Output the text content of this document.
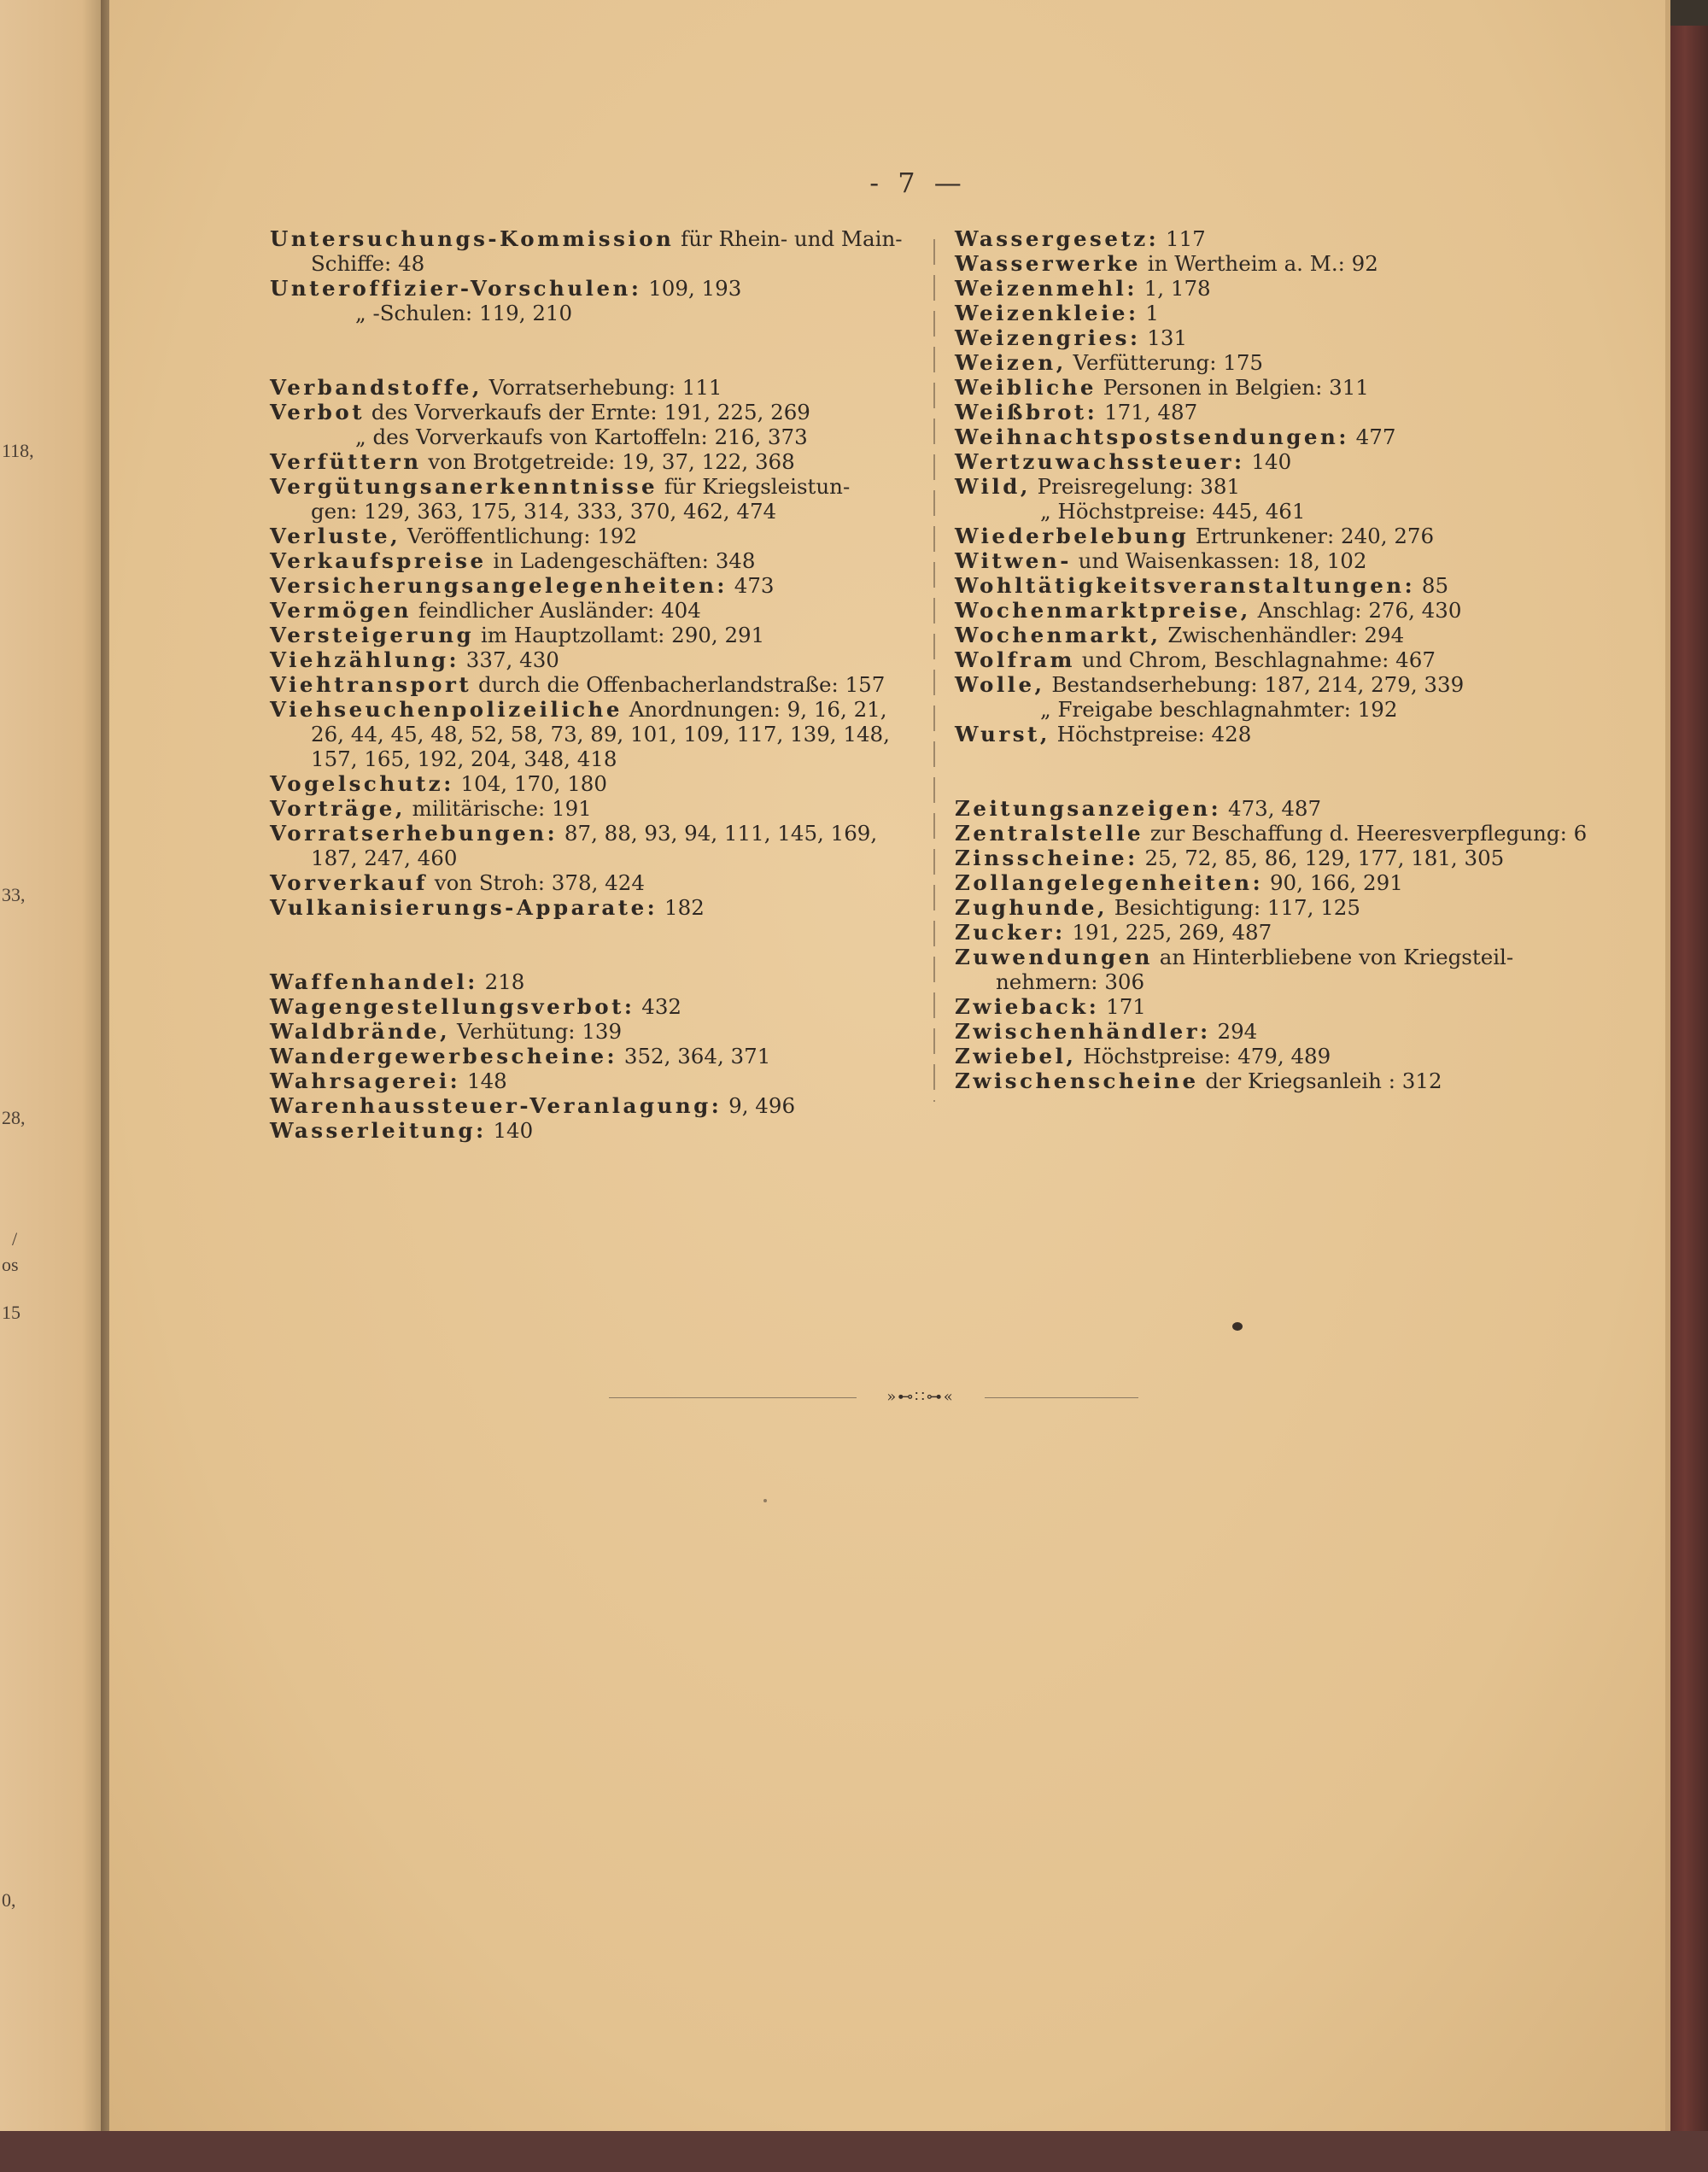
118,
33,
28,
/
os
15
0,
- 7 —

Untersuchungs-Kommission für Rhein- und Main-

Schiffe: 48

Unteroffizier-Vorschulen: 109, 193

„ -Schulen: 119, 210

Verbandstoffe, Vorratserhebung: 111

Verbot des Vorverkaufs der Ernte: 191, 225, 269

„ des Vorverkaufs von Kartoffeln: 216, 373

Verfüttern von Brotgetreide: 19, 37, 122, 368

Vergütungsanerkenntnisse für Kriegsleistun-

gen: 129, 363, 175, 314, 333, 370, 462, 474

Verluste, Veröffentlichung: 192

Verkaufspreise in Ladengeschäften: 348

Versicherungsangelegenheiten: 473

Vermögen feindlicher Ausländer: 404

Versteigerung im Hauptzollamt: 290, 291

Viehzählung: 337, 430

Viehtransport durch die Offenbacherlandstraße: 157

Viehseuchenpolizeiliche Anordnungen: 9, 16, 21,

26, 44, 45, 48, 52, 58, 73, 89, 101, 109, 117, 139, 148,

157, 165, 192, 204, 348, 418

Vogelschutz: 104, 170, 180

Vorträge, militärische: 191

Vorratserhebungen: 87, 88, 93, 94, 111, 145, 169,

187, 247, 460

Vorverkauf von Stroh: 378, 424

Vulkanisierungs-Apparate: 182

Waffenhandel: 218

Wagengestellungsverbot: 432

Waldbrände, Verhütung: 139

Wandergewerbescheine: 352, 364, 371

Wahrsagerei: 148

Warenhaussteuer-Veranlagung: 9, 496

Wasserleitung: 140

Wassergesetz: 117

Wasserwerke in Wertheim a. M.: 92

Weizenmehl: 1, 178

Weizenkleie: 1

Weizengries: 131

Weizen, Verfütterung: 175

Weibliche Personen in Belgien: 311

Weißbrot: 171, 487

Weihnachtspostsendungen: 477

Wertzuwachssteuer: 140

Wild, Preisregelung: 381

„ Höchstpreise: 445, 461

Wiederbelebung Ertrunkener: 240, 276

Witwen- und Waisenkassen: 18, 102

Wohltätigkeitsveranstaltungen: 85

Wochenmarktpreise, Anschlag: 276, 430

Wochenmarkt, Zwischenhändler: 294

Wolfram und Chrom, Beschlagnahme: 467

Wolle, Bestandserhebung: 187, 214, 279, 339

„ Freigabe beschlagnahmter: 192

Wurst, Höchstpreise: 428

Zeitungsanzeigen: 473, 487

Zentralstelle zur Beschaffung d. Heeresverpflegung: 6

Zinsscheine: 25, 72, 85, 86, 129, 177, 181, 305

Zollangelegenheiten: 90, 166, 291

Zughunde, Besichtigung: 117, 125

Zucker: 191, 225, 269, 487

Zuwendungen an Hinterbliebene von Kriegsteil-

nehmern: 306

Zwieback: 171

Zwischenhändler: 294

Zwiebel, Höchstpreise: 479, 489

Zwischenscheine der Kriegsanleih : 312

»⊷∷⊶«
